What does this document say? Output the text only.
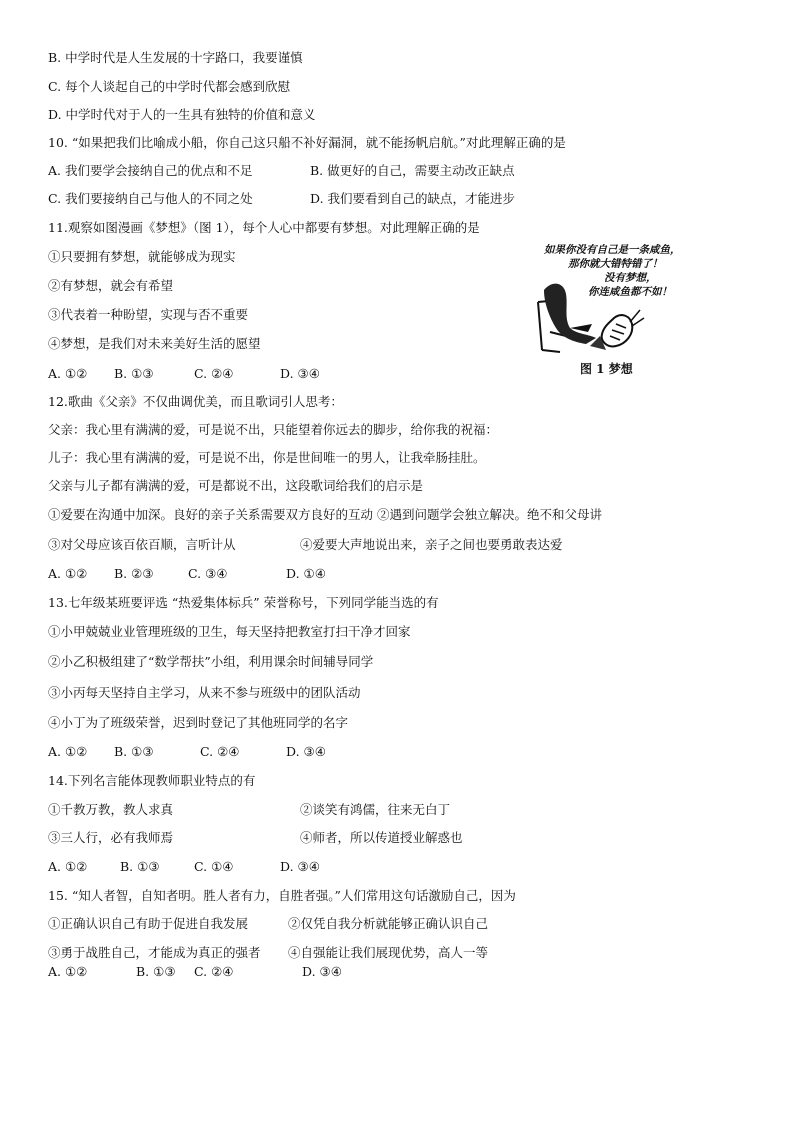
B. 中学时代是人生发展的十字路口，我要谨慎
C. 每个人谈起自己的中学时代都会感到欣慰
D. 中学时代对于人的一生具有独特的价值和意义
10. “如果把我们比喻成小船，你自己这只船不补好漏洞，就不能扬帆启航。”对此理解正确的是
A. 我们要学会接纳自己的优点和不足	B. 做更好的自己，需要主动改正缺点
C. 我们要接纳自己与他人的不同之处	D. 我们要看到自己的缺点，才能进步
11.观察如图漫画《梦想》（图 1），每个人心中都要有梦想。对此理解正确的是
①只要拥有梦想，就能够成为现实
②有梦想，就会有希望
③代表着一种盼望，实现与否不重要
④梦想，是我们对未来美好生活的愿望
A. ①② B. ①③	C. ②④	D. ③④
如果你没有自己是一条咸鱼，
那你就大错特错了！
没有梦想，
你连咸鱼都不如！
图 1 梦想
12.歌曲《父亲》不仅曲调优美，而且歌词引人思考：
父亲：我心里有满满的爱，可是说不出，只能望着你远去的脚步，给你我的祝福：
儿子：我心里有满满的爱，可是说不出，你是世间唯一的男人，让我牵肠挂肚。
父亲与儿子都有满满的爱，可是都说不出，这段歌词给我们的启示是
①爱要在沟通中加深。良好的亲子关系需要双方良好的互动 ②遇到问题学会独立解决。绝不和父母讲
③对父母应该百依百顺，言听计从	④爱要大声地说出来，亲子之间也要勇敢表达爱
A. ①② B. ②③	C. ③④	D. ①④
13.七年级某班要评选 “热爱集体标兵” 荣誉称号，下列同学能当选的有
①小甲兢兢业业管理班级的卫生，每天坚持把教室打扫干净才回家
②小乙积极组建了“数学帮扶”小组，利用课余时间辅导同学
③小丙每天坚持自主学习，从来不参与班级中的团队活动
④小丁为了班级荣誉，迟到时登记了其他班同学的名字
A. ①② B. ①③	C. ②④	D. ③④
14.下列名言能体现教师职业特点的有
①千教万教，教人求真	②谈笑有鸿儒，往来无白丁
③三人行，必有我师焉	④师者，所以传道授业解惑也
A. ①②	B. ①③	C. ①④	D. ③④
15. “知人者智，自知者明。胜人者有力，自胜者强。”人们常用这句话激励自己，因为
①正确认识自己有助于促进自我发展	②仅凭自我分析就能够正确认识自己
③勇于战胜自己，才能成为真正的强者 ④自强能让我们展现优势，高人一等
A. ①②	B. ①③ C. ②④	D. ③④
